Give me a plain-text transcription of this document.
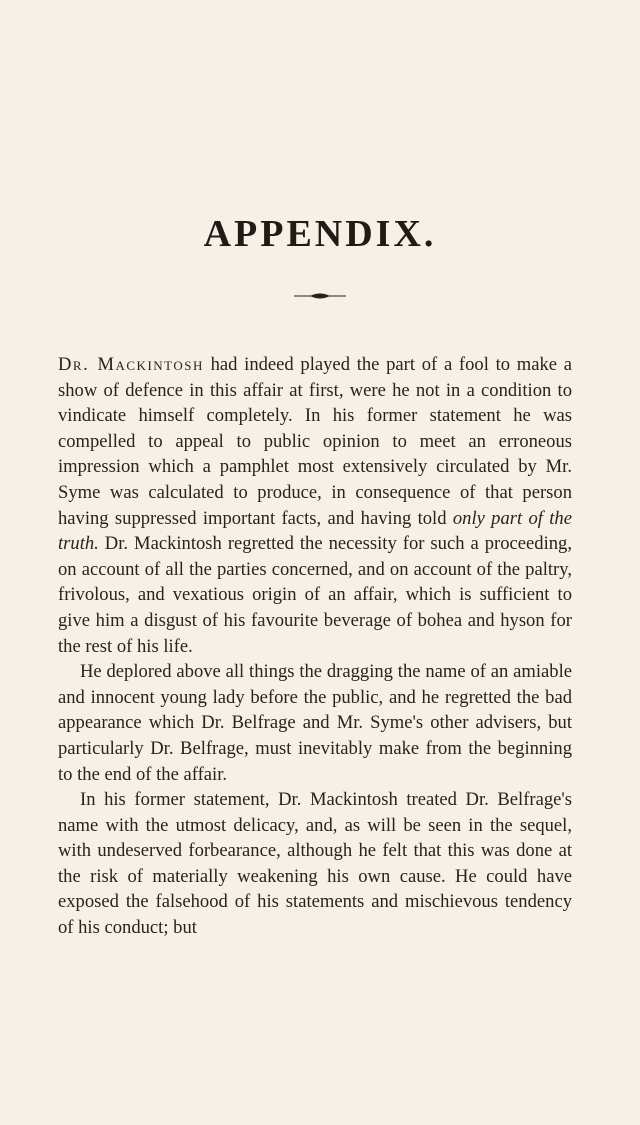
APPENDIX.

Dr. Mackintosh had indeed played the part of a fool to make a show of defence in this affair at first, were he not in a condition to vindicate himself completely. In his former statement he was compelled to appeal to public opinion to meet an erroneous impression which a pamphlet most extensively circulated by Mr. Syme was calculated to produce, in consequence of that person having suppressed important facts, and having told only part of the truth. Dr. Mackintosh regretted the necessity for such a proceeding, on account of all the parties concerned, and on account of the paltry, frivolous, and vexatious origin of an affair, which is sufficient to give him a disgust of his favourite beverage of bohea and hyson for the rest of his life.

He deplored above all things the dragging the name of an amiable and innocent young lady before the public, and he regretted the bad appearance which Dr. Belfrage and Mr. Syme's other advisers, but particularly Dr. Belfrage, must inevitably make from the beginning to the end of the affair.

In his former statement, Dr. Mackintosh treated Dr. Belfrage's name with the utmost delicacy, and, as will be seen in the sequel, with undeserved forbearance, although he felt that this was done at the risk of materially weakening his own cause. He could have exposed the falsehood of his statements and mischievous tendency of his conduct; but
